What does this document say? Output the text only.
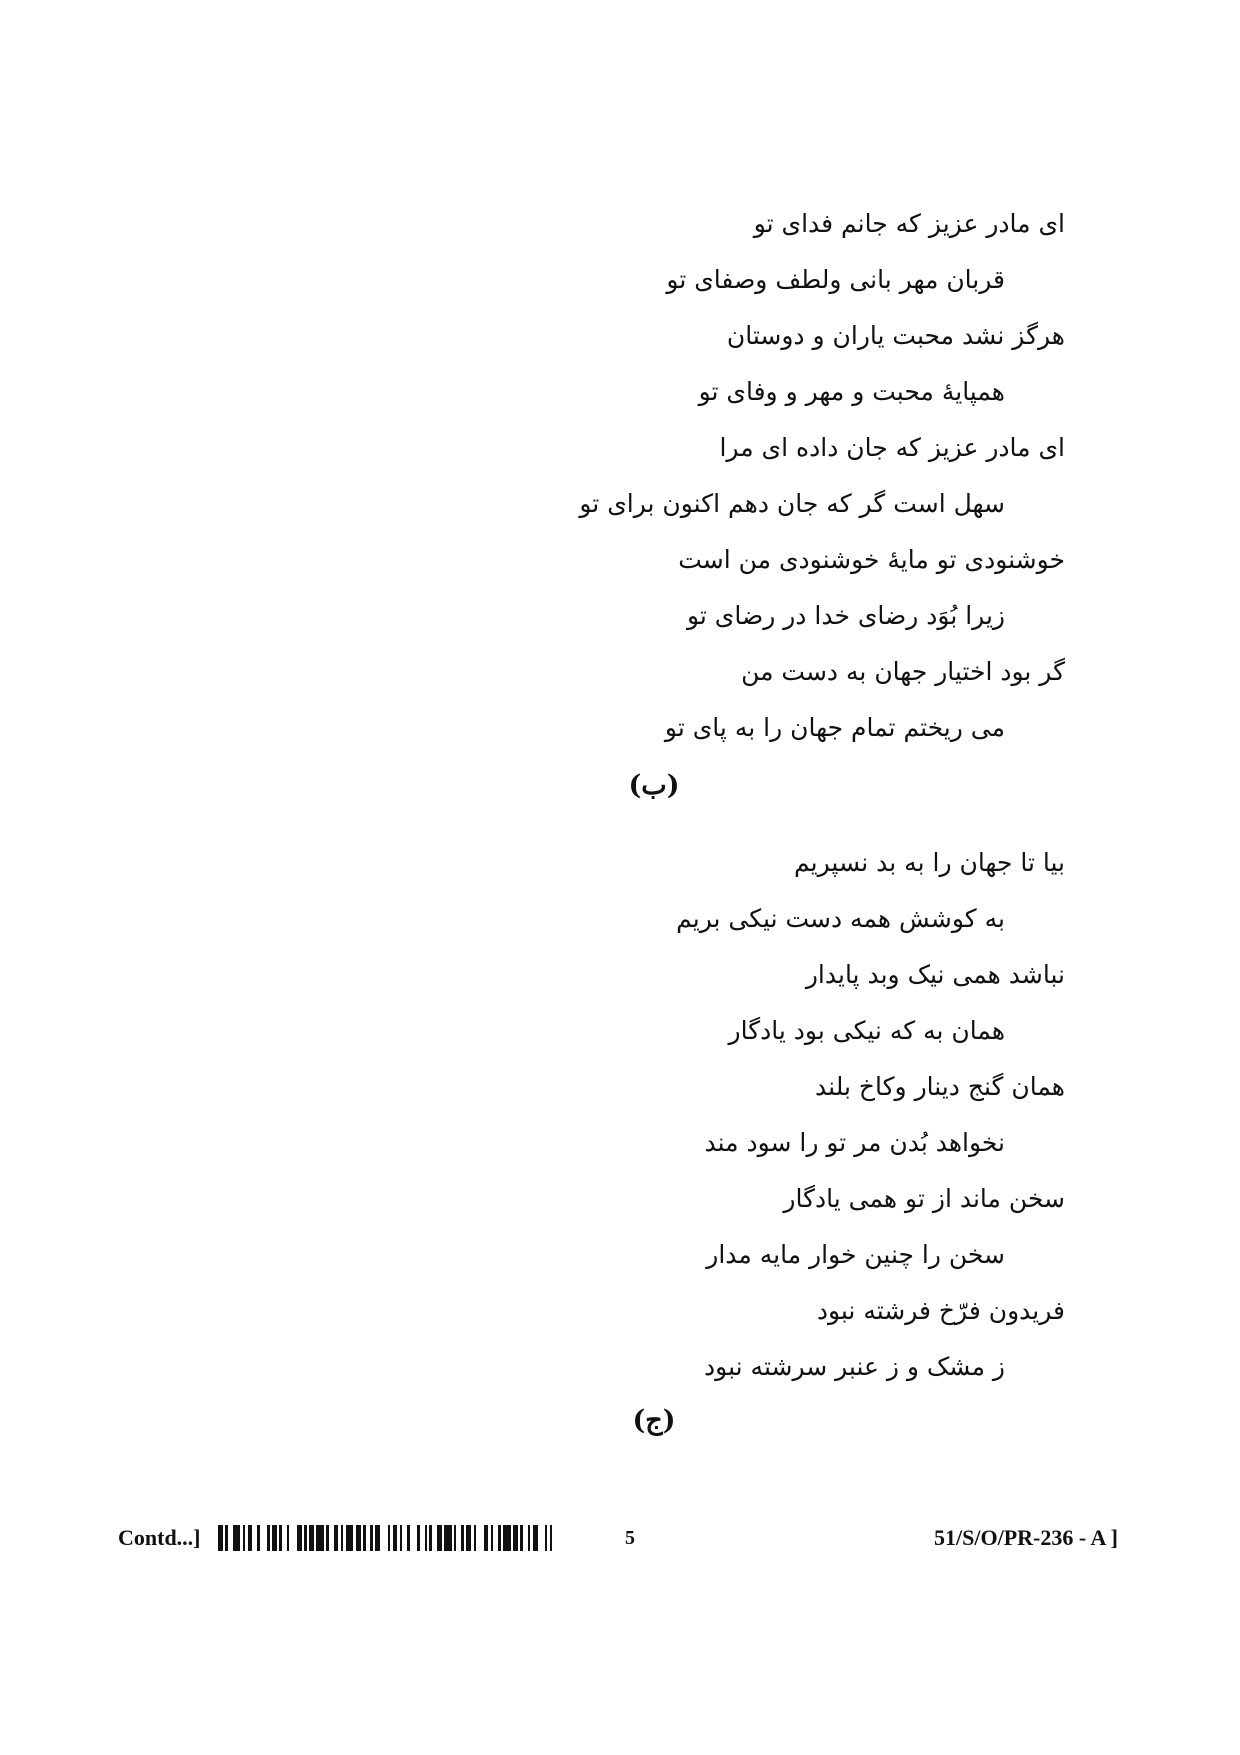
ای مادر عزیز که جانم فدای تو
قربان مهر بانی ولطف وصفای تو
هرگز نشد محبت یاران و دوستان
همپایۀ محبت و مهر و وفای تو
ای مادر عزیز که جان داده ای مرا
سهل است گر که جان دهم اکنون برای تو
خوشنودی تو مایۀ خوشنودی من است
زیرا بُوَد رضای خدا در رضای تو
گر بود اختیار جهان به دست من
می ریختم تمام جهان را به پای تو
(ب)
بیا تا جهان را به بد نسپریم
به کوشش همه دست نیکی بریم
نباشد همی نیک وبد پایدار
همان به که نیکی بود یادگار
همان گنج دینار وکاخ بلند
نخواهد بُدن مر تو را سود مند
سخن ماند از تو همی یادگار
سخن را چنین خوار مایه مدار
فریدون فرّخ فرشته نبود
ز مشک و ز عنبر سرشته نبود
(ج)
Contd...]	5	51/S/O/PR-236 - A ]
